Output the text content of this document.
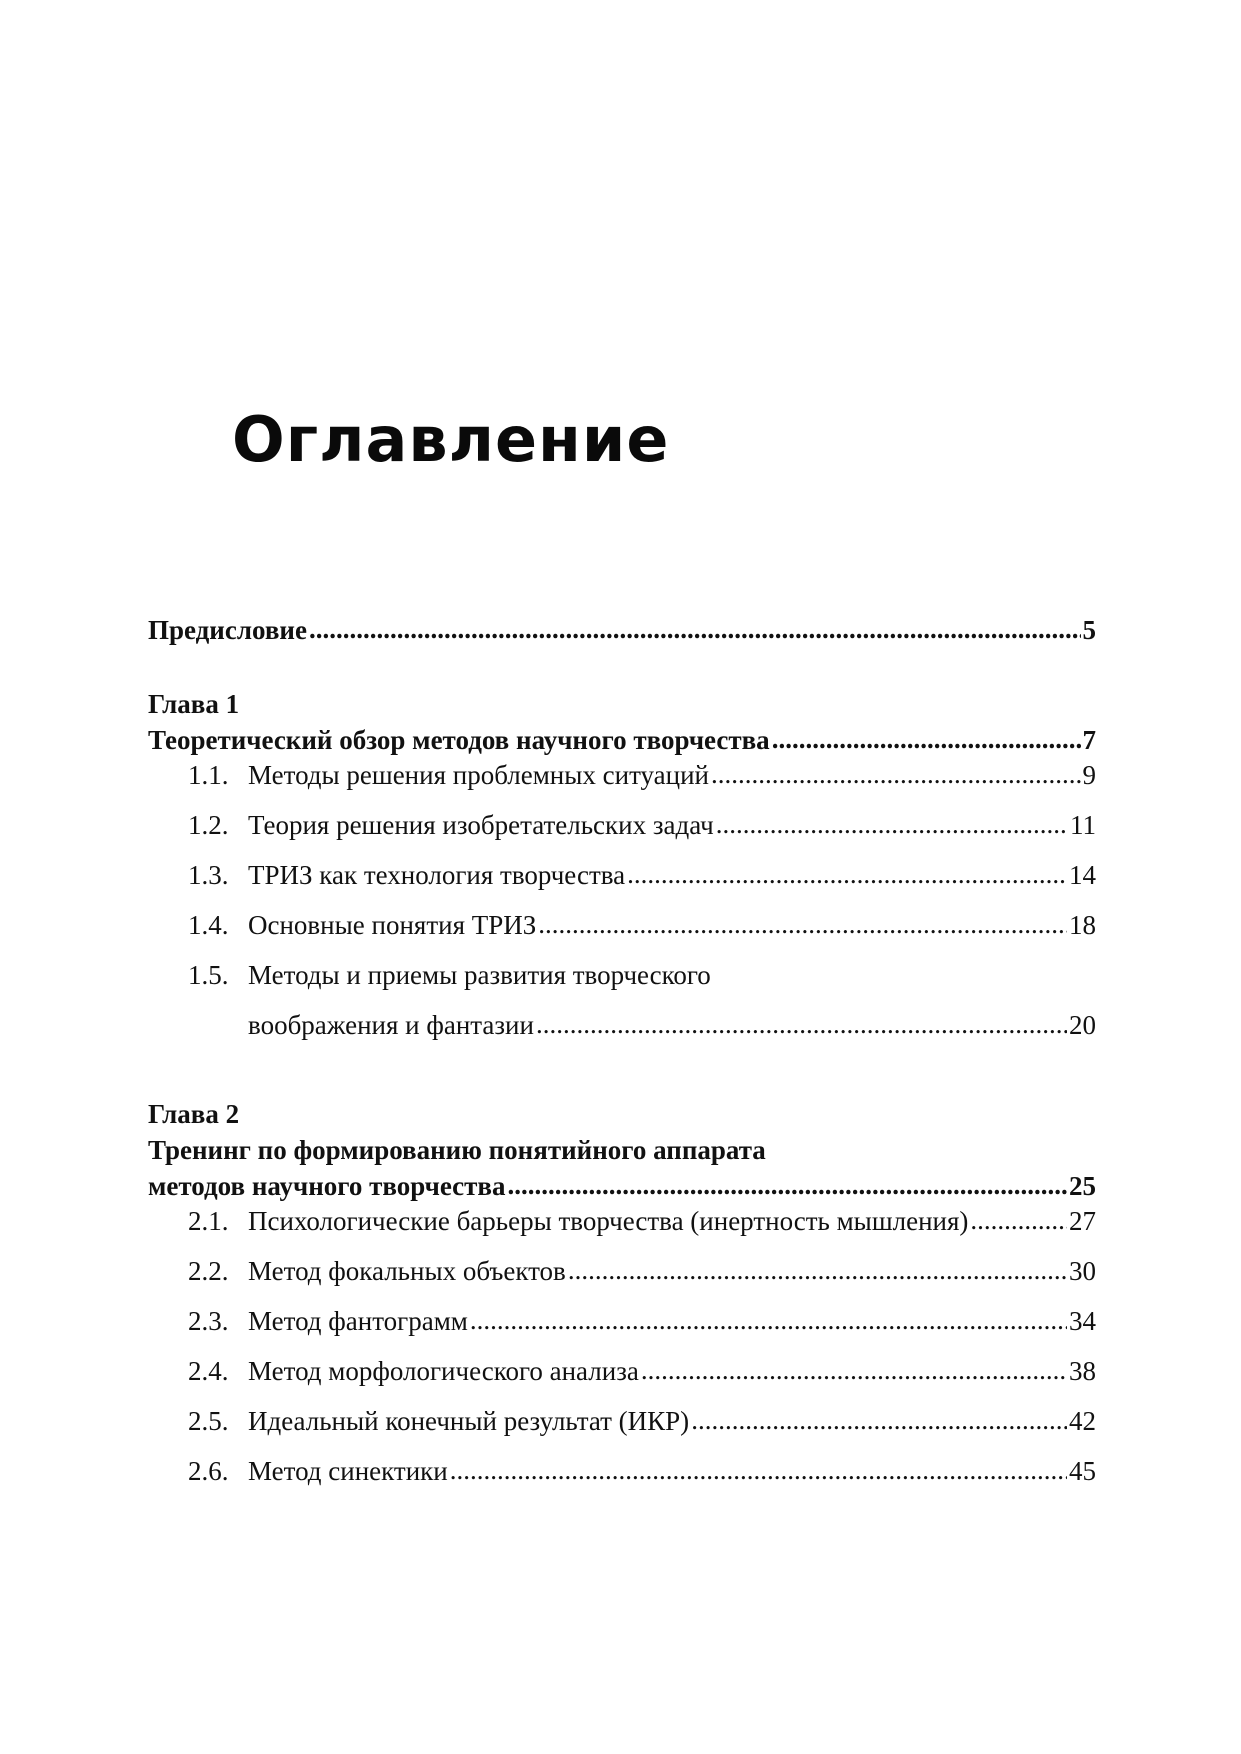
Оглавление
Предисловие .....	5
Глава 1
Теоретический обзор методов научного творчества .....	7
1.1. Методы решения проблемных ситуаций .....	9
1.2. Теория решения изобретательских задач .....	11
1.3. ТРИЗ как технология творчества .....	14
1.4. Основные понятия ТРИЗ .....	18
1.5. Методы и приемы развития творческого
воображения и фантазии .....	20
Глава 2
Тренинг по формированию понятийного аппарата
методов научного творчества .....	25
2.1. Психологические барьеры творчества (инертность мышления) .....	27
2.2. Метод фокальных объектов .....	30
2.3. Метод фантограмм .....	34
2.4. Метод морфологического анализа .....	38
2.5. Идеальный конечный результат (ИКР) .....	42
2.6. Метод синектики .....	45
